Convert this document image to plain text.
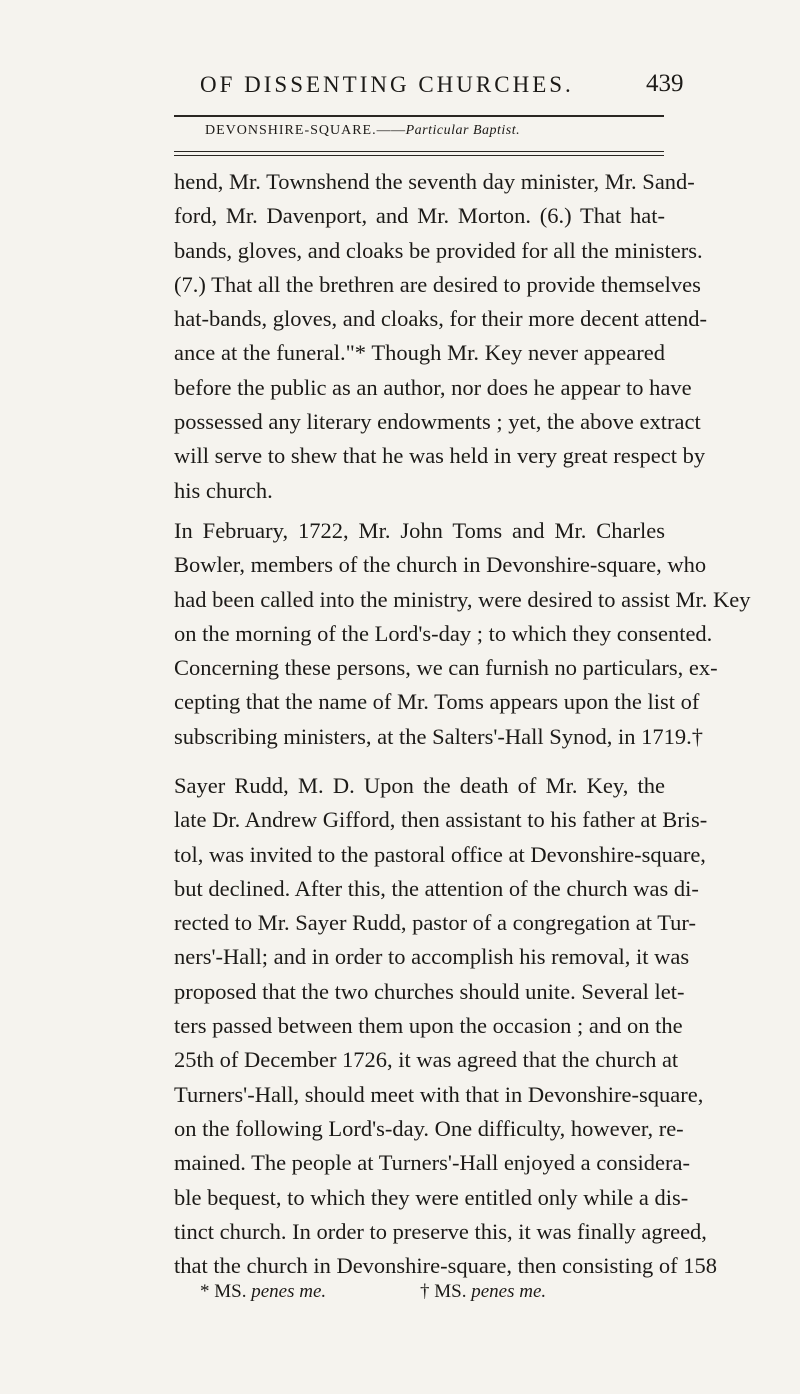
OF DISSENTING CHURCHES.	439
DEVONSHIRE-SQUARE.——Particular Baptist.
hend, Mr. Townshend the seventh day minister, Mr. Sand-
ford, Mr. Davenport, and Mr. Morton. (6.) That hat-
bands, gloves, and cloaks be provided for all the ministers.
(7.) That all the brethren are desired to provide themselves
hat-bands, gloves, and cloaks, for their more decent attend-
ance at the funeral."* Though Mr. Key never appeared
before the public as an author, nor does he appear to have
possessed any literary endowments ; yet, the above extract
will serve to shew that he was held in very great respect by
his church.
In February, 1722, Mr. John Toms and Mr. Charles
Bowler, members of the church in Devonshire-square, who
had been called into the ministry, were desired to assist Mr. Key
on the morning of the Lord's-day ; to which they consented.
Concerning these persons, we can furnish no particulars, ex-
cepting that the name of Mr. Toms appears upon the list of
subscribing ministers, at the Salters'-Hall Synod, in 1719.†
Sayer Rudd, M. D. Upon the death of Mr. Key, the
late Dr. Andrew Gifford, then assistant to his father at Bris-
tol, was invited to the pastoral office at Devonshire-square,
but declined. After this, the attention of the church was di-
rected to Mr. Sayer Rudd, pastor of a congregation at Tur-
ners'-Hall; and in order to accomplish his removal, it was
proposed that the two churches should unite. Several let-
ters passed between them upon the occasion ; and on the
25th of December 1726, it was agreed that the church at
Turners'-Hall, should meet with that in Devonshire-square,
on the following Lord's-day. One difficulty, however, re-
mained. The people at Turners'-Hall enjoyed a considera-
ble bequest, to which they were entitled only while a dis-
tinct church. In order to preserve this, it was finally agreed,
that the church in Devonshire-square, then consisting of 158
* MS. penes me.	† MS. penes me.
